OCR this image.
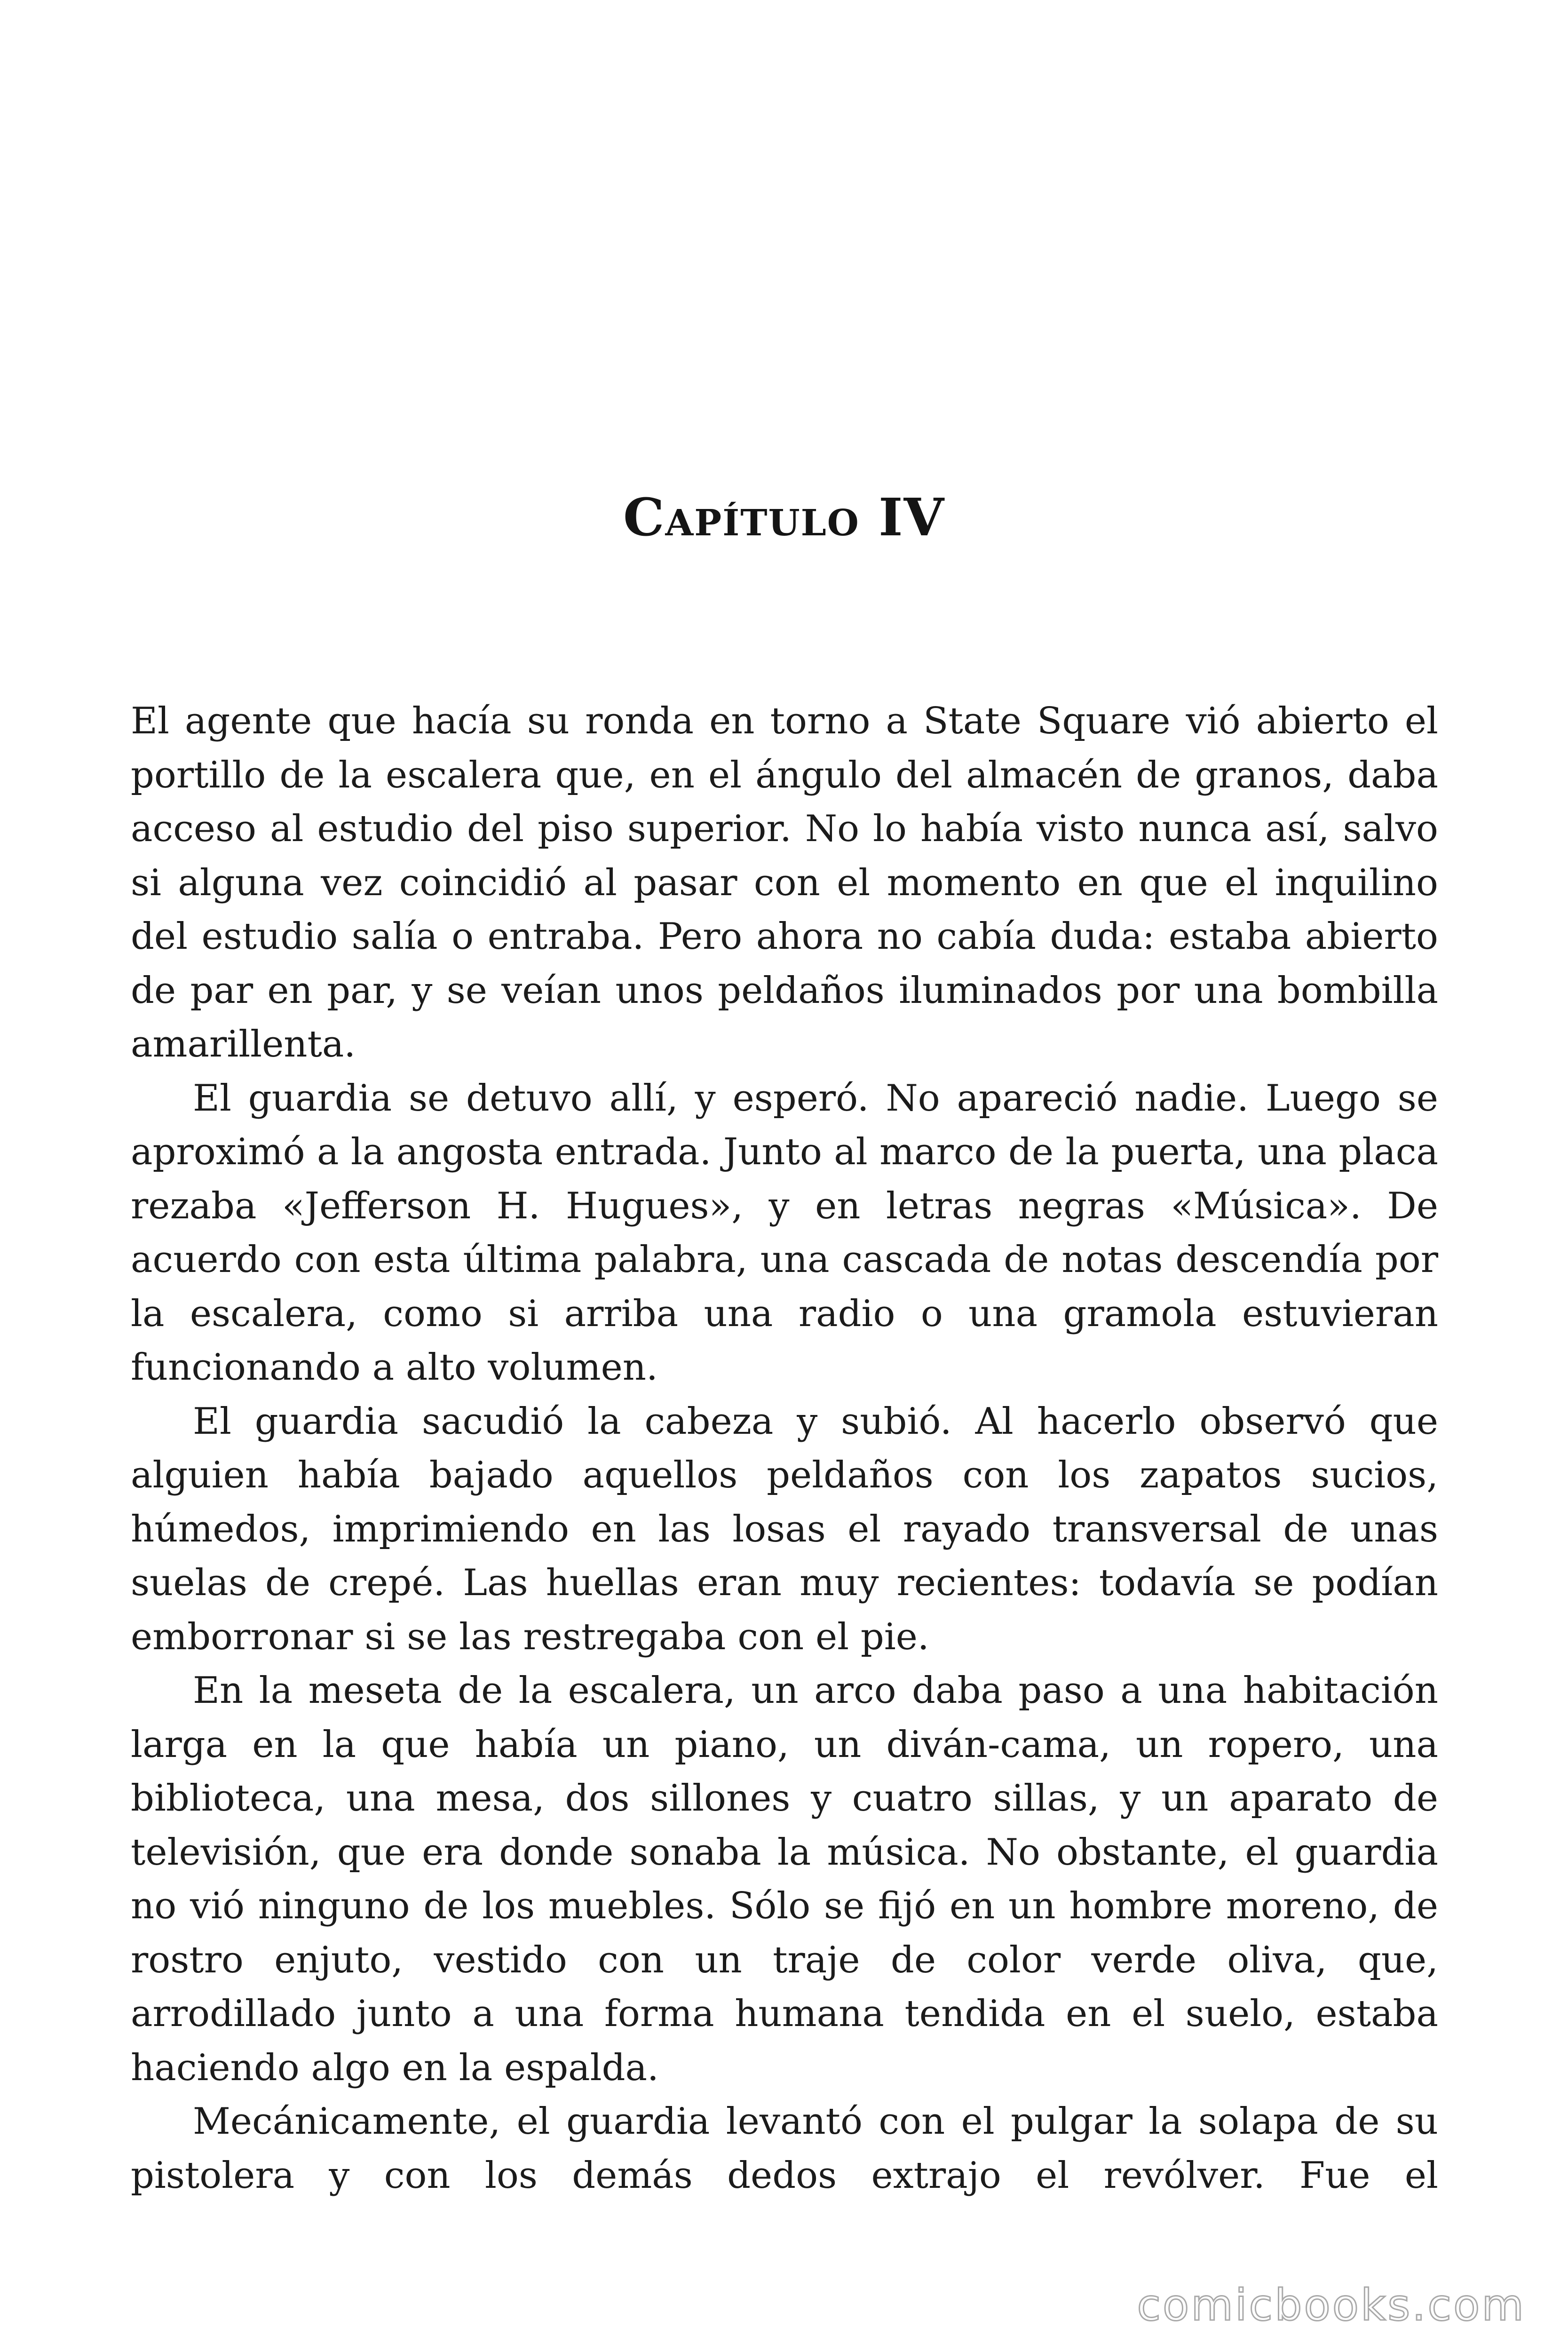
Capítulo IV

El agente que hacía su ronda en torno a State Square vió abierto el portillo de la escalera que, en el ángulo del almacén de granos, daba acceso al estudio del piso superior. No lo había visto nunca así, salvo si alguna vez coincidió al pasar con el momento en que el inquilino del estudio salía o entraba. Pero ahora no cabía duda: estaba abierto de par en par, y se veían unos peldaños iluminados por una bombilla amarillenta.

El guardia se detuvo allí, y esperó. No apareció nadie. Luego se aproximó a la angosta entrada. Junto al marco de la puerta, una placa rezaba «Jefferson H. Hugues», y en letras negras «Música». De acuerdo con esta última palabra, una cascada de notas descendía por la escalera, como si arriba una radio o una gramola estuvieran funcionando a alto volumen.

El guardia sacudió la cabeza y subió. Al hacerlo observó que alguien había bajado aquellos peldaños con los zapatos sucios, húmedos, imprimiendo en las losas el rayado transversal de unas suelas de crepé. Las huellas eran muy recientes: todavía se podían emborronar si se las restregaba con el pie.

En la meseta de la escalera, un arco daba paso a una habitación larga en la que había un piano, un diván-cama, un ropero, una biblioteca, una mesa, dos sillones y cuatro sillas, y un aparato de televisión, que era donde sonaba la música. No obstante, el guardia no vió ninguno de los muebles. Sólo se fijó en un hombre moreno, de rostro enjuto, vestido con un traje de color verde oliva, que, arrodillado junto a una forma humana tendida en el suelo, estaba haciendo algo en la espalda.

Mecánicamente, el guardia levantó con el pulgar la solapa de su pistolera y con los demás dedos extrajo el revólver. Fue el

comicbooks.com
